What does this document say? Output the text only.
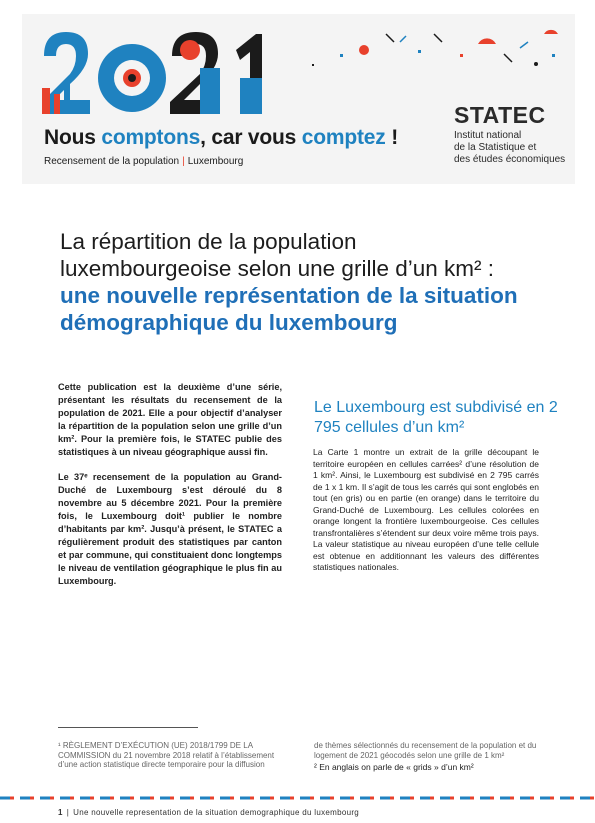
Nous comptons, car vous comptez !
Recensement de la population | Luxembourg
STATEC
Institut national
de la Statistique et
des études économiques
La répartition de la population
luxembourgeoise selon une grille d’un km² :
une nouvelle représentation de la situation
démographique du luxembourg

Cette publication est la deuxième d’une série, présentant les résultats du recensement de la population de 2021. Elle a pour objectif d’analyser la répartition de la population selon une grille d’un km². Pour la première fois, le STATEC publie des statistiques à un niveau géographique aussi fin.

Le 37ᵉ recensement de la population au Grand-Duché de Luxembourg s’est déroulé du 8 novembre au 5 décembre 2021. Pour la première fois, le Luxembourg doit¹ publier le nombre d’habitants par km². Jusqu’à présent, le STATEC a régulièrement produit des statistiques par canton et par commune, qui constituaient donc longtemps le niveau de ventilation géographique le plus fin au Luxembourg.

Le Luxembourg est subdivisé en 2 795 cellules d’un km²

La Carte 1 montre un extrait de la grille découpant le territoire européen en cellules carrées² d’une résolution de 1 km². Ainsi, le Luxembourg est subdivisé en 2 795 carrés de 1 x 1 km. Il s’agit de tous les carrés qui sont englobés en tout (en gris) ou en partie (en orange) dans le territoire du Grand-Duché de Luxembourg. Les cellules colorées en orange longent la frontière luxembourgeoise. Ces cellules transfrontalières s’étendent sur deux voire même trois pays. La valeur statistique au niveau européen d’une telle cellule est obtenue en additionnant les valeurs des différentes statistiques nationales.

¹ RÈGLEMENT D’EXÉCUTION (UE) 2018/1799 DE LA COMMISSION du 21 novembre 2018 relatif à l’établissement d’une action statistique directe temporaire pour la diffusion
de thèmes sélectionnés du recensement de la population et du logement de 2021 géocodés selon une grille de 1 km²
² En anglais on parle de « grids » d’un km²
1 | Une nouvelle representation de la situation demographique du luxembourg
